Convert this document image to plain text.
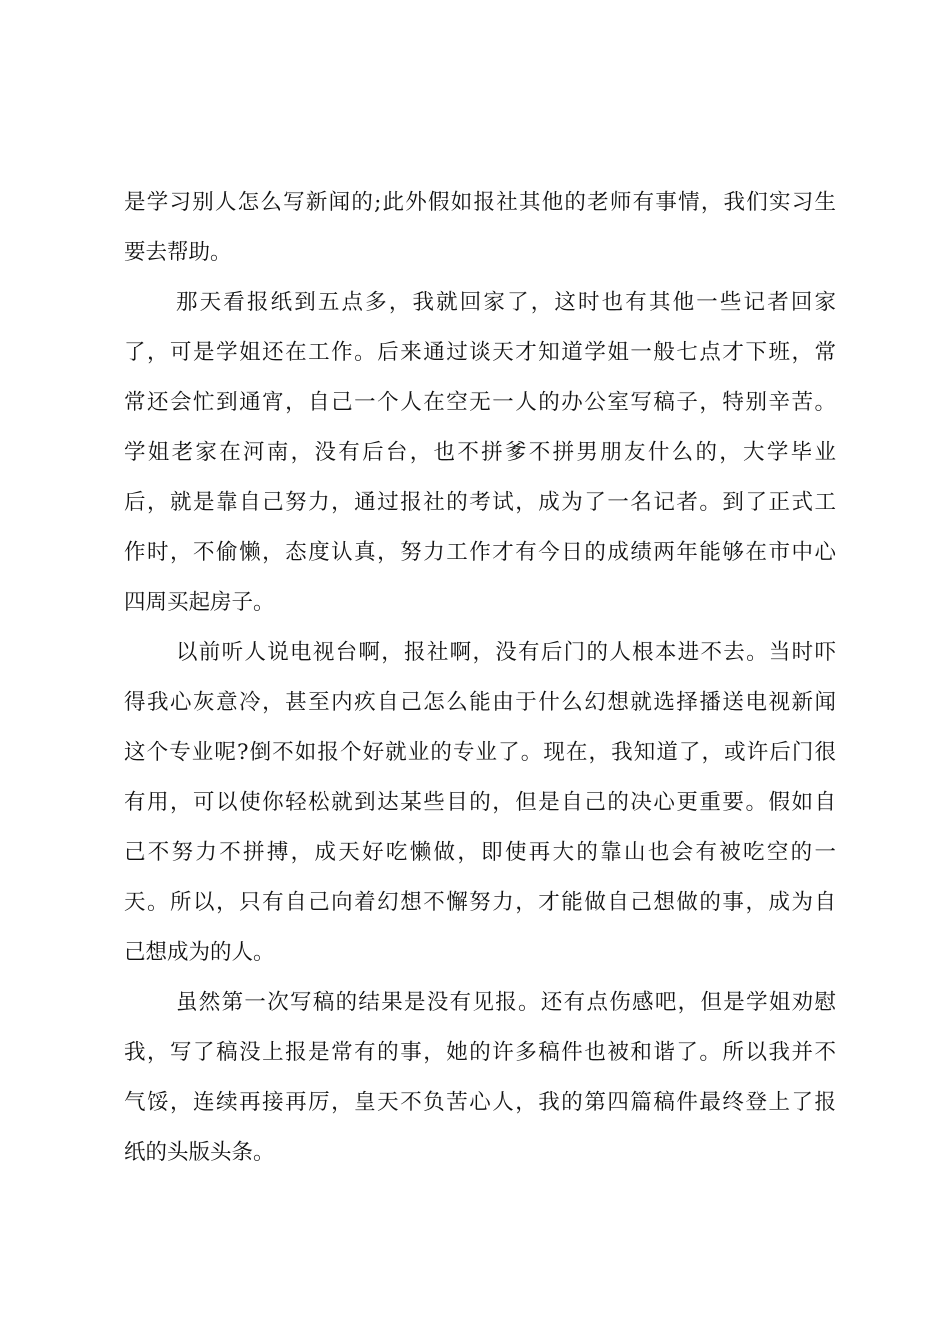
是学习别人怎么写新闻的;此外假如报社其他的老师有事情，我们实习生
要去帮助。
那天看报纸到五点多，我就回家了，这时也有其他一些记者回家
了，可是学姐还在工作。后来通过谈天才知道学姐一般七点才下班，常
常还会忙到通宵，自己一个人在空无一人的办公室写稿子，特别辛苦。
学姐老家在河南，没有后台，也不拼爹不拼男朋友什么的，大学毕业
后，就是靠自己努力，通过报社的考试，成为了一名记者。到了正式工
作时，不偷懒，态度认真，努力工作才有今日的成绩两年能够在市中心
四周买起房子。
以前听人说电视台啊，报社啊，没有后门的人根本进不去。当时吓
得我心灰意冷，甚至内疚自己怎么能由于什么幻想就选择播送电视新闻
这个专业呢?倒不如报个好就业的专业了。现在，我知道了，或许后门很
有用，可以使你轻松就到达某些目的，但是自己的决心更重要。假如自
己不努力不拼搏，成天好吃懒做，即使再大的靠山也会有被吃空的一
天。所以，只有自己向着幻想不懈努力，才能做自己想做的事，成为自
己想成为的人。
虽然第一次写稿的结果是没有见报。还有点伤感吧，但是学姐劝慰
我，写了稿没上报是常有的事，她的许多稿件也被和谐了。所以我并不
气馁，连续再接再厉，皇天不负苦心人，我的第四篇稿件最终登上了报
纸的头版头条。
